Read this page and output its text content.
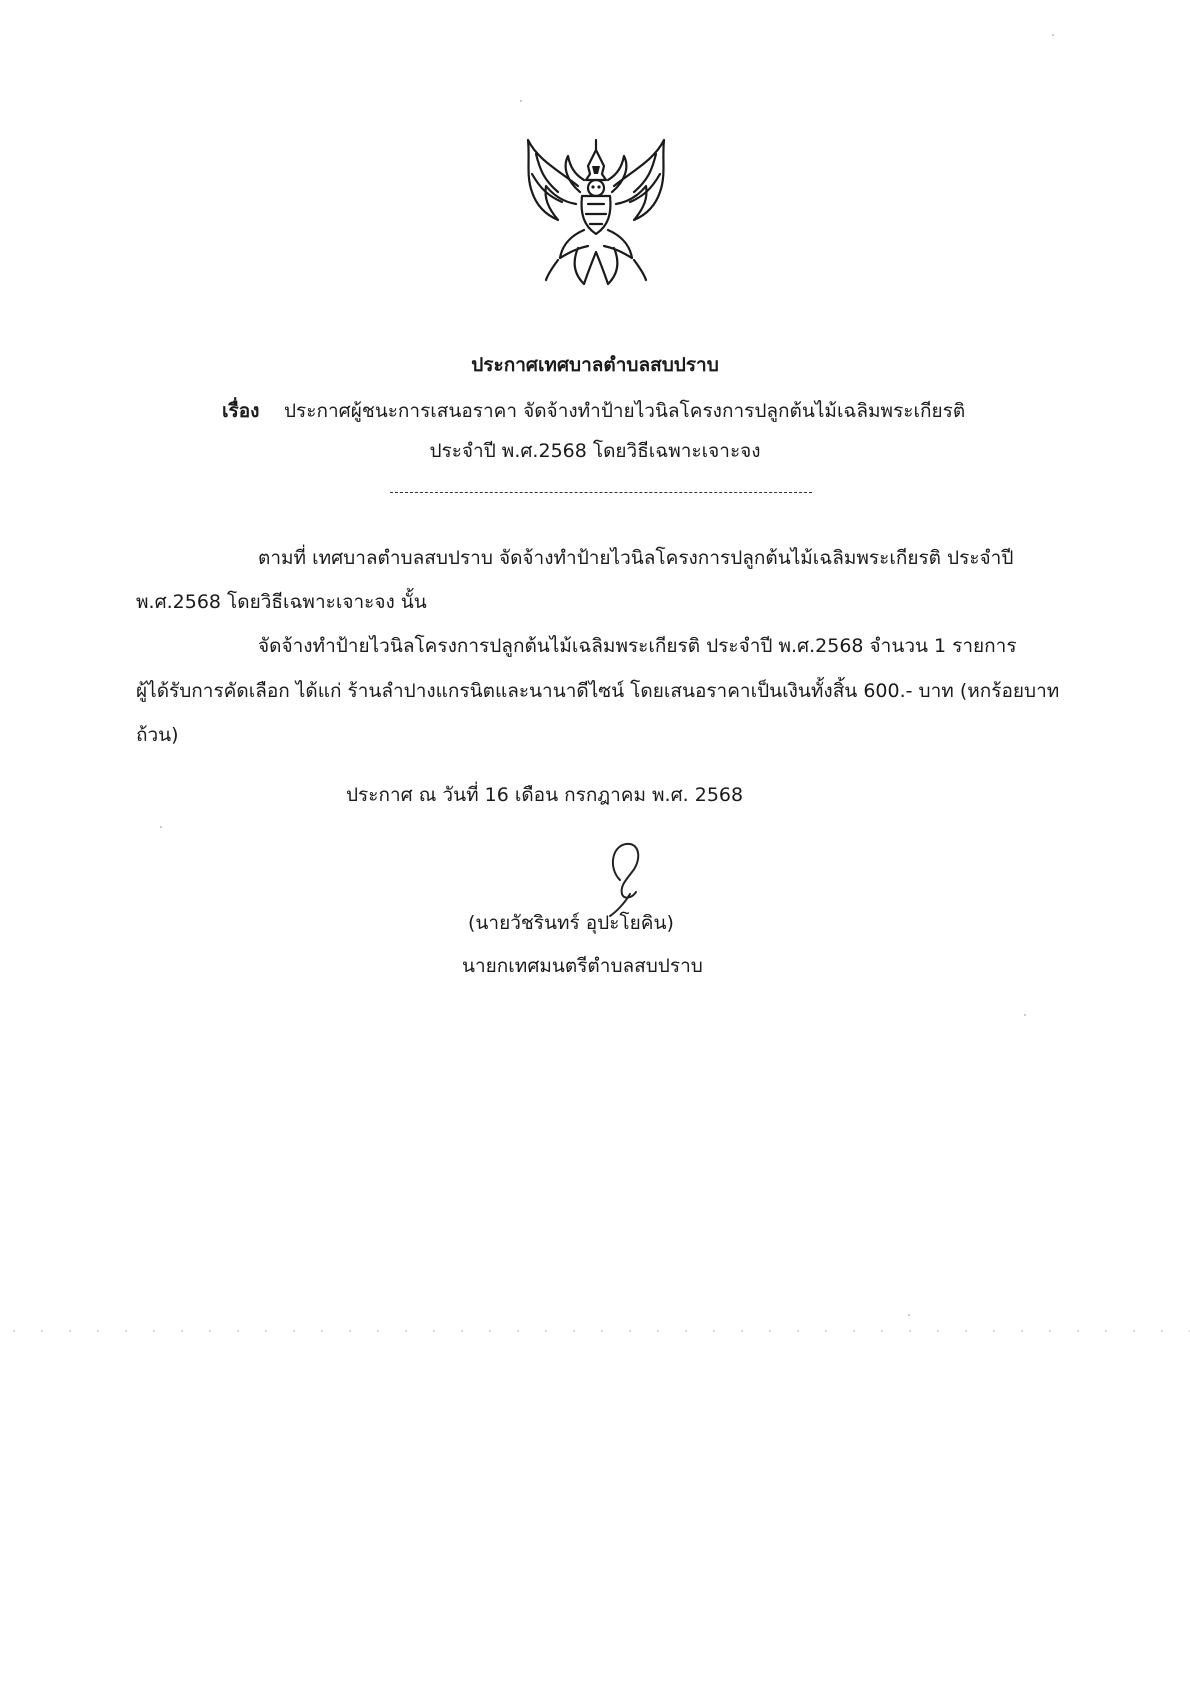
ประกาศเทศบาลตำบลสบปราบ
เรื่อง ประกาศผู้ชนะการเสนอราคา จัดจ้างทำป้ายไวนิลโครงการปลูกต้นไม้เฉลิมพระเกียรติ
ประจำปี พ.ศ.2568 โดยวิธีเฉพาะเจาะจง
ตามที่ เทศบาลตำบลสบปราบ จัดจ้างทำป้ายไวนิลโครงการปลูกต้นไม้เฉลิมพระเกียรติ ประจำปี
พ.ศ.2568 โดยวิธีเฉพาะเจาะจง นั้น
จัดจ้างทำป้ายไวนิลโครงการปลูกต้นไม้เฉลิมพระเกียรติ ประจำปี พ.ศ.2568 จำนวน 1 รายการ
ผู้ได้รับการคัดเลือก ได้แก่ ร้านลำปางแกรนิตและนานาดีไซน์ โดยเสนอราคาเป็นเงินทั้งสิ้น 600.- บาท (หกร้อยบาท
ถ้วน)
ประกาศ ณ วันที่ 16 เดือน กรกฎาคม พ.ศ. 2568
(นายวัชรินทร์ อุปะโยคิน)
นายกเทศมนตรีตำบลสบปราบ
